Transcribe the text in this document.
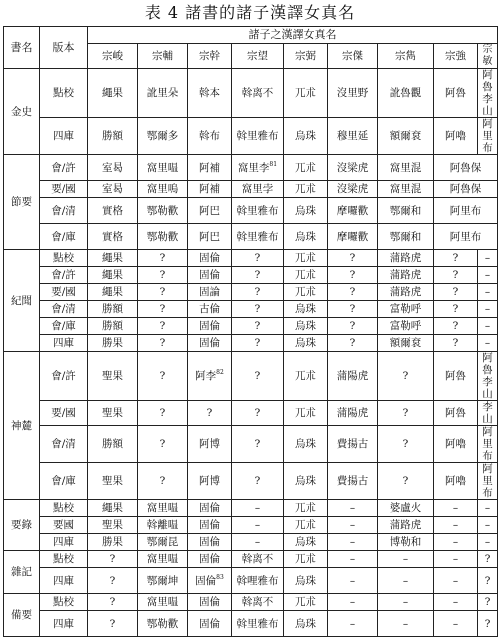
表 4 諸書的諸子漢譯女真名
書名	版本	諸子之漢譯女真名								
		宗峻	宗輔	宗幹	宗望	宗弼	宗傑	宗雋	宗強	宗敏
金史	點校	繩果	訛里朵	斡本	斡离不	兀朮	沒里野	訛魯觀	阿魯	阿魯李山
	四庫	勝額	鄂爾多	斡布	斡里雅布	烏珠	穆里延	額爾袞	阿嚕	阿里布
節要	會/許	室曷	窩里嗢	阿補	窩里李$^{81}$	兀朮	沒梁虎	窩里混	阿魯保	
	要/國	室曷	窩里嗚	阿補	窩里孛	兀朮	沒梁虎	窩里混	阿魯保	
	會/清	實格	鄂勒歡	阿巴	斡里雅布	烏珠	摩囉歡	鄂爾和	阿里布	
	會/庫	實格	鄂勒歡	阿巴	斡里雅布	烏珠	摩囉歡	鄂爾和	阿里布	
紀聞	點校	繩果	?	固倫	?	兀朮	?	蒲路虎	?	–
	會/許	繩果	?	固倫	?	兀朮	?	蒲路虎	?	–
	要/國	繩果	?	固論	?	兀朮	?	蒲路虎	?	–
	會/清	勝額	?	古倫	?	烏珠	?	富勒呼	?	–
	會/庫	勝額	?	固倫	?	烏珠	?	富勒呼	?	–
	四庫	勝果	?	固倫	?	烏珠	?	額爾袞	?	–
神麓	會/許	聖果	?	阿李$^{82}$	?	兀朮	蒲陽虎	?	阿魯	阿魯李山
	要/國	聖果	?	?	?	兀朮	蒲陽虎	?	阿魯	李山
	會/清	勝額	?	阿博	?	烏珠	費揚古	?	阿嚕	阿里布
	會/庫	聖果	?	阿博	?	烏珠	費揚古	?	阿嚕	阿里布
要錄	點校	繩果	窩里嗢	固倫	–	兀朮	–	婆盧火	–	–
	要國	聖果	斡離嗢	固倫	–	兀朮	–	蒲路虎	–	–
	四庫	勝果	鄂爾昆	固倫	–	烏珠	–	博勒和	–	–
雜記	點校	?	窩里嗢	固倫	斡离不	兀朮	–	–	–	?
	四庫	?	鄂爾坤	固倫$^{83}$	斡哩雅布	烏珠	–	–	–	?
備要	點校	?	窩里嗢	固倫	斡离不	兀朮	–	–	–	?
	四庫	?	鄂勒歡	固倫	斡里雅布	烏珠	–	–	–	?
